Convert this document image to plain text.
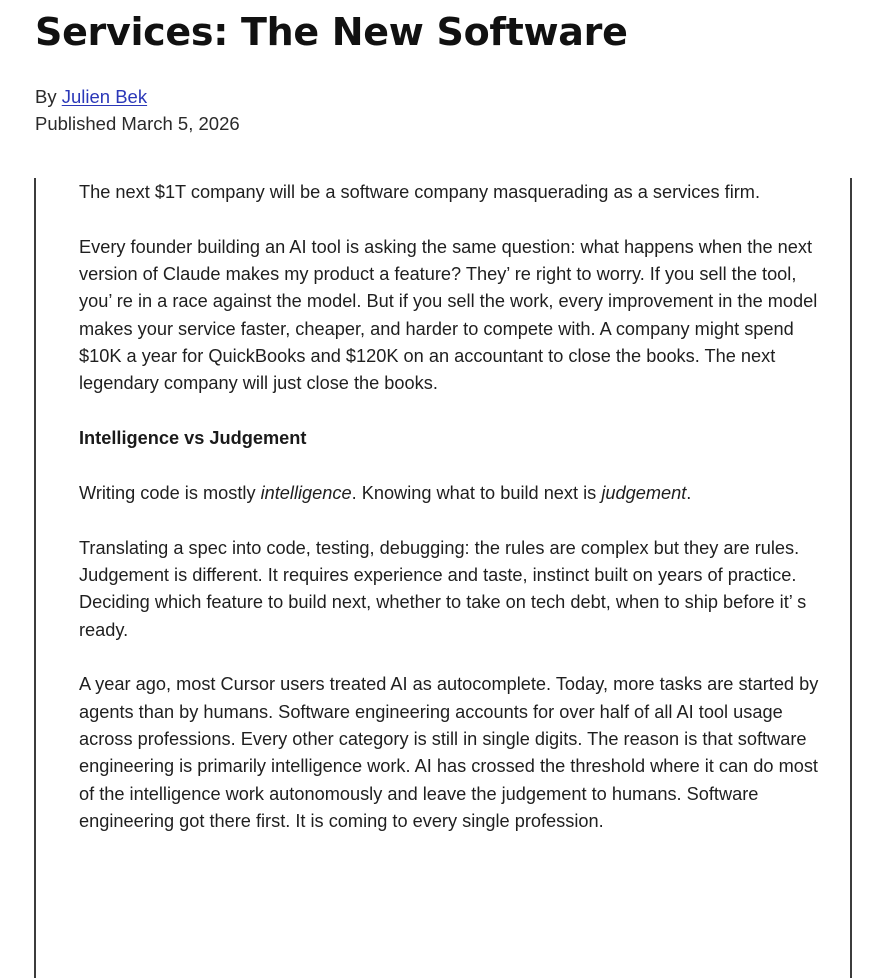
Services: The New Software
By Julien Bek
Published March 5, 2026

The next $1T company will be a software company masquerading as a services firm.

Every founder building an AI tool is asking the same question: what happens when the next version of Claude makes my product a feature? They’ re right to worry. If you sell the tool, you’ re in a race against the model. But if you sell the work, every improvement in the model makes your service faster, cheaper, and harder to compete with. A company might spend $10K a year for QuickBooks and $120K on an accountant to close the books. The next legendary company will just close the books.

Intelligence vs Judgement

Writing code is mostly intelligence. Knowing what to build next is judgement.

Translating a spec into code, testing, debugging: the rules are complex but they are rules. Judgement is different. It requires experience and taste, instinct built on years of practice. Deciding which feature to build next, whether to take on tech debt, when to ship before it’ s ready.

A year ago, most Cursor users treated AI as autocomplete. Today, more tasks are started by agents than by humans. Software engineering accounts for over half of all AI tool usage across professions. Every other category is still in single digits. The reason is that software engineering is primarily intelligence work. AI has crossed the threshold where it can do most of the intelligence work autonomously and leave the judgement to humans. Software engineering got there first. It is coming to every single profession.
